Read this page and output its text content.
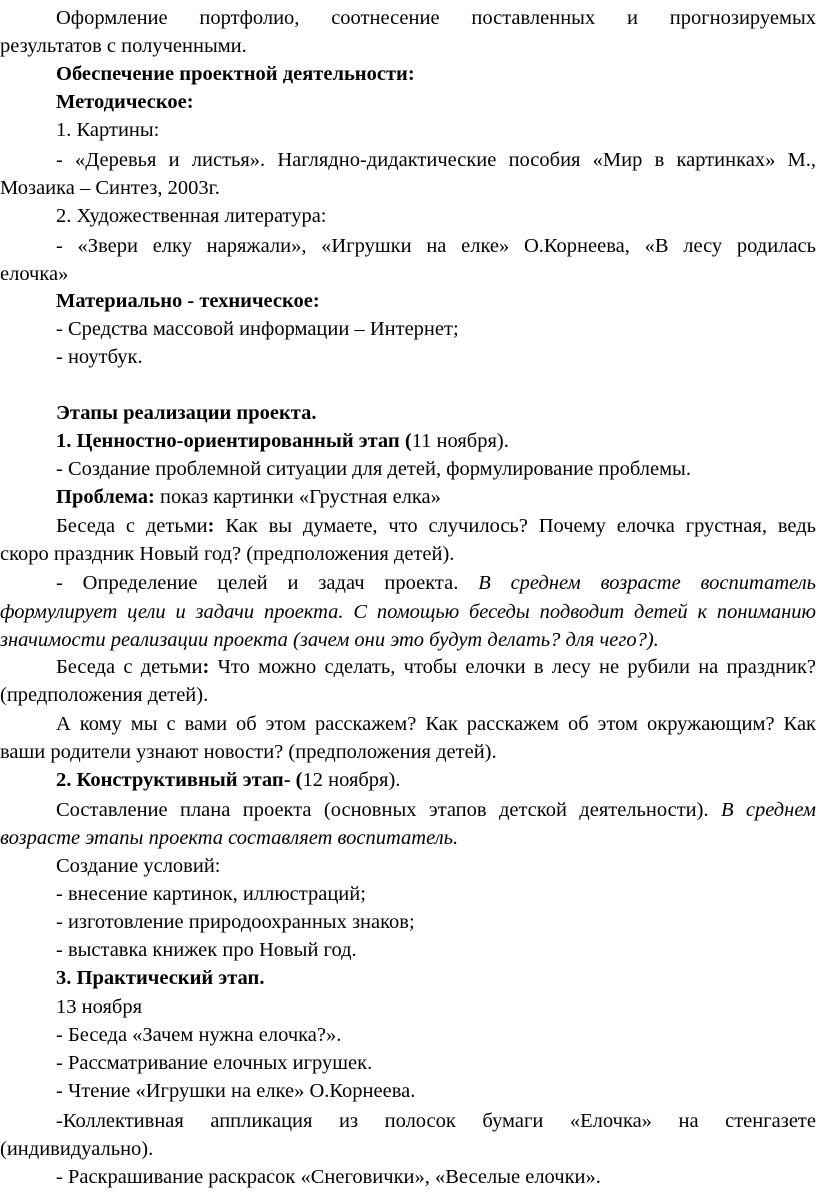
Оформление портфолио, соотнесение поставленных и прогнозируемых
результатов с полученными.
Обеспечение проектной деятельности:
Методическое:
1. Картины:
- «Деревья и листья». Наглядно-дидактические пособия «Мир в картинках» М.,
Мозаика – Синтез, 2003г.
2. Художественная литература:
- «Звери елку наряжали», «Игрушки на елке» О.Корнеева, «В лесу родилась
елочка»
Материально - техническое:
- Средства массовой информации – Интернет;
- ноутбук.
Этапы реализации проекта.
1. Ценностно-ориентированный этап (11 ноября).
- Создание проблемной ситуации для детей, формулирование проблемы.
Проблема: показ картинки «Грустная елка»
Беседа с детьми: Как вы думаете, что случилось? Почему елочка грустная, ведь
скоро праздник Новый год? (предположения детей).
- Определение целей и задач проекта. В среднем возрасте воспитатель
формулирует цели и задачи проекта. С помощью беседы подводит детей к пониманию
значимости реализации проекта (зачем они это будут делать? для чего?).
Беседа с детьми: Что можно сделать, чтобы елочки в лесу не рубили на праздник?
(предположения детей).
А кому мы с вами об этом расскажем? Как расскажем об этом окружающим? Как
ваши родители узнают новости? (предположения детей).
2. Конструктивный этап- (12 ноября).
Составление плана проекта (основных этапов детской деятельности). В среднем
возрасте этапы проекта составляет воспитатель.
Создание условий:
- внесение картинок, иллюстраций;
- изготовление природоохранных знаков;
- выставка книжек про Новый год.
3. Практический этап.
13 ноября
- Беседа «Зачем нужна елочка?».
- Рассматривание елочных игрушек.
- Чтение «Игрушки на елке» О.Корнеева.
-Коллективная аппликация из полосок бумаги «Елочка» на стенгазете
(индивидуально).
- Раскрашивание раскрасок «Снеговички», «Веселые елочки».
